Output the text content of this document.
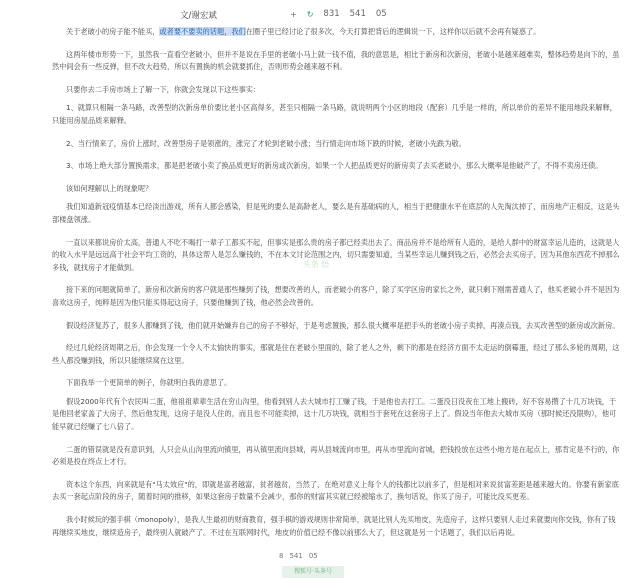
文/谢宏斌	+ ↻ 831 541 05

关于老破小的房子能不能买，或者要不要卖的话题，我们在圈子里已经讨论了很多次，今天打算把背后的逻辑说一下，这样你以后就不会再有疑惑了。

这两年楼市形势一下，虽然我一直看空老破小，但并不是说在手里的老破小马上就一钱不值，我的意思是，相比于新房和次新房，老破小是越来越难卖，整体趋势是向下的，虽然中间会有一些反弹，但不改大趋势，所以有置换的机会就要抓住，否则形势会越来越不利。

只要你去二手房市场上了解一下，你就会发现以下这些事实：

1、就算只相隔一条马路，改善型的次新房单价要比老小区高得多，甚至只相隔一条马路，就说明两个小区的地段（配套）几乎是一样的，所以单价的差异不能用地段来解释，只能用房屋品质来解释。

2、当行情来了，房价上涨时，改善型房子是领涨的，涨完了才轮到老破小涨；当行情走向市场下跌的时候，老破小先跌为敬。

3、市场上绝大部分置换需求，都是把老破小卖了换品质更好的新房或次新房，如果一个人把品质更好的新房卖了去买老破小，那么大概率是他破产了，不得不卖房还债。

该如何理解以上的现象呢？

我们知道新冠疫情基本已经淡出游戏，所有人都会感染，但是死的要么是高龄老人，要么是有基础病的人，相当于把健康水平在底层的人先淘汰掉了，而房地产正相反，这是头部楼盘领涨。

一直以来都说房价太高，普通人不吃不喝打一辈子工都买不起，但事实是那么贵的房子都已经卖出去了。商品房并不是给所有人造的，是给人群中的财富幸运儿造的，这就是人的收入水平是远远高于社会平均工资的，具体这帮人是怎么赚钱的，不在本文讨论范围之内，切只需要知道，当某些幸运儿赚到钱之后，必然会去买房子，因为其他东西花不掉那么多钱，就找房子才能做到。

接下来的问题就简单了，新房和次新房的客户就是那些赚到了钱，想要改善的人，而老破小的客户，除了买学区房的家长之外，就只剩下刚需普通人了，他买老破小并不是因为喜欢这房子，纯粹是因为他只能买得起这房子，只要他赚到了钱，他必然会改善的。

假设经济复苏了，很多人都赚到了钱，他们就开始嫌弃自己的房子不够好，于是考虑置换，那么很大概率是把手头的老破小房子卖掉，再凑点钱，去买改善型的新房或次新房。

经过几轮经济周期之后，你会发现一个令人不太愉快的事实，那就是住在老破小里面的，除了老人之外，剩下的都是在经济方面不太走运的倒霉蛋，经过了那么多轮的周期，这些人都没赚到钱，所以只能继续窝在这里。

下面我举一个更简单的例子，你就明白我的意思了。

假设2000年代有个农民叫二蛋，他祖祖辈辈生活在穷山沟里，他看到别人去大城市打工赚了钱，于是他也去打工。二蛋没日没夜在工地上搬砖，好不容易攒了十几万块钱，于是他回老家盖了大房子，然后他发现，这房子是没人住的，而且也不可能卖掉，这十几万块钱，就相当于套死在这套房子上了。假设当年他去大城市买房（那时候还没限购），他可能早就已经赚了七八倍了。

二蛋的错误就是没有意识到，人只会从山沟里流向镇里，再从镇里流向县城，再从县城流向市里，再从市里流向省城，把钱投放在这些小地方是在起点上，那肯定是不行的，你必须是投在终点上才行。

资本这个东西，向来就是有"马太效应"的，即就是富者越富，贫者越贫，当然了，在绝对意义上每个人的钱都比以前多了，但是相对来说贫富差距是越来越大的。你要有新家底去买一套起点阶段的房子，随着时间的推移，如果这套房子数量不会减少，那你的财富其实就已经被缩水了，换句话说，你买了房子，可能比没买更差。

我小时候玩的强手棋（monopoly），是我人生最初的财商教育，强手棋的游戏规则非常简单，就是比别人先买地皮，先造房子，这样只要别人走过来就要向你交钱，你有了钱再继续买地皮，继续造房子，最终别人就破产了。不过在互联网时代，地皮的价值已经不像以前那么大了，但这就是另一个话题了，我们以后再说。

头条 悟
8 541 05
搜狐号·头条号
